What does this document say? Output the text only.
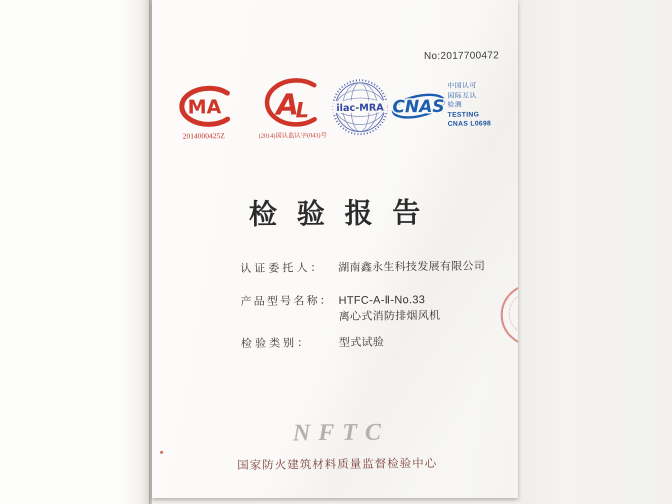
No:2017700472
MA
2014000425Z
A
L
(2014)国认监认字(043)号
ilac-MRA CNAS
中国认可
国际互认
检测
TESTING
CNAS L0698
检 验 报 告
认 证 委 托 人 ：	湖南鑫永生科技发展有限公司
产品型号名称： HTFC-A-Ⅱ-No.33
离心式消防排烟风机
检 验 类 别 ：	型式试验
NFTC
国家防火建筑材料质量监督检验中心
